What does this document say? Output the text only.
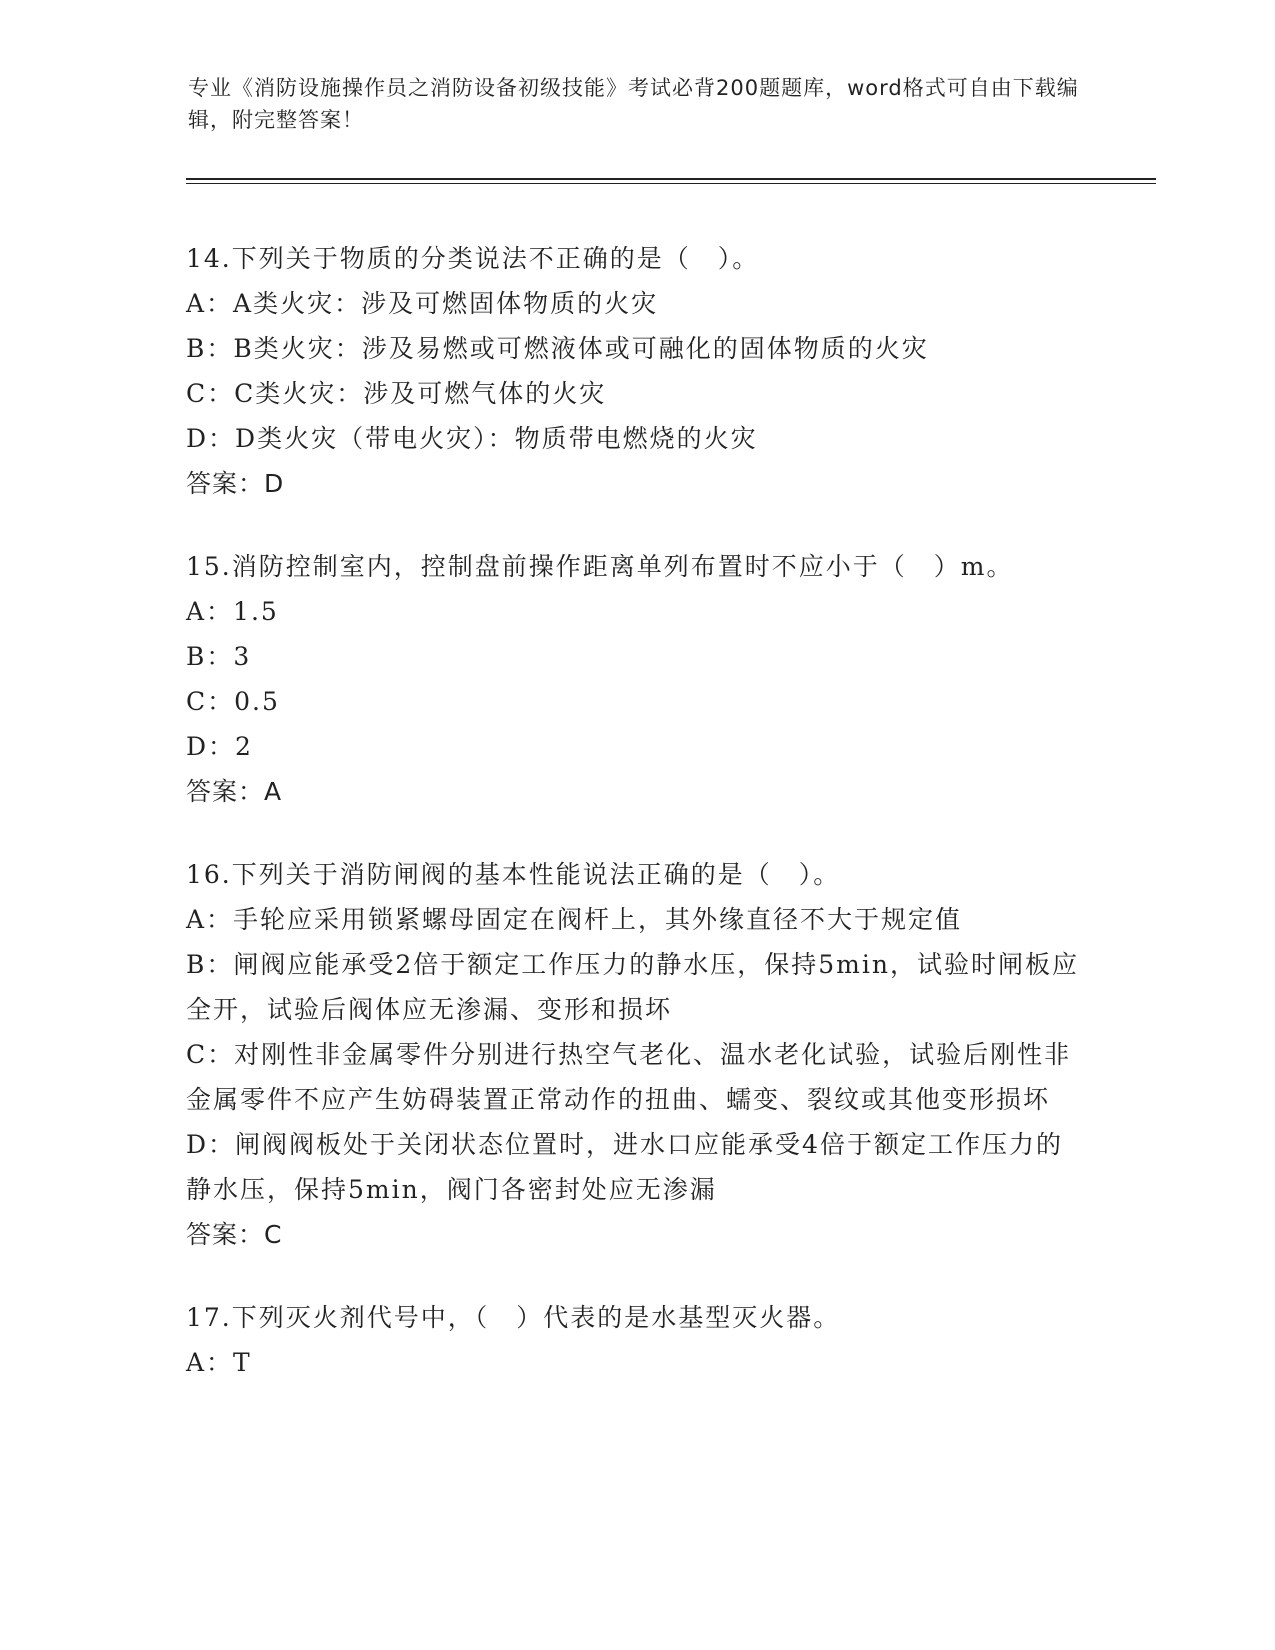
专业《消防设施操作员之消防设备初级技能》考试必背200题题库，word格式可自由下载编辑，附完整答案！
14.下列关于物质的分类说法不正确的是（　）。
A：A类火灾：涉及可燃固体物质的火灾
B：B类火灾：涉及易燃或可燃液体或可融化的固体物质的火灾
C：C类火灾：涉及可燃气体的火灾
D：D类火灾（带电火灾）：物质带电燃烧的火灾
答案：D
15.消防控制室内，控制盘前操作距离单列布置时不应小于（　）m。
A：1.5
B：3
C：0.5
D：2
答案：A
16.下列关于消防闸阀的基本性能说法正确的是（　）。
A：手轮应采用锁紧螺母固定在阀杆上，其外缘直径不大于规定值
B：闸阀应能承受2倍于额定工作压力的静水压，保持5min，试验时闸板应全开，试验后阀体应无渗漏、变形和损坏
C：对刚性非金属零件分别进行热空气老化、温水老化试验，试验后刚性非金属零件不应产生妨碍装置正常动作的扭曲、蠕变、裂纹或其他变形损坏
D：闸阀阀板处于关闭状态位置时，进水口应能承受4倍于额定工作压力的静水压，保持5min，阀门各密封处应无渗漏
答案：C
17.下列灭火剂代号中，（　）代表的是水基型灭火器。
A：T
